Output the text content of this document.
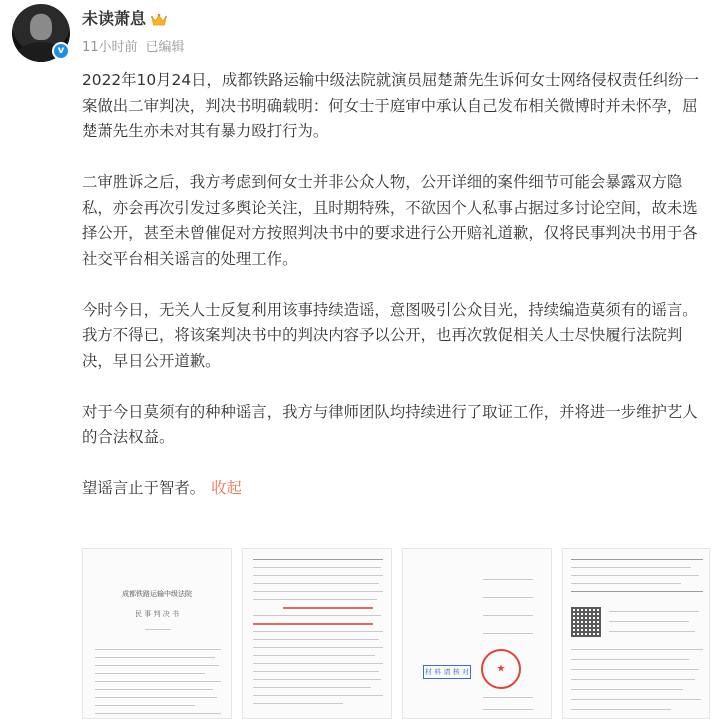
v
未读萧息
11小时前 已编辑

2022年10月24日，成都铁路运输中级法院就演员屈楚萧先生诉何女士网络侵权责任纠纷一案做出二审判决，判决书明确载明：何女士于庭审中承认自己发布相关微博时并未怀孕，屈楚萧先生亦未对其有暴力殴打行为。

二审胜诉之后，我方考虑到何女士并非公众人物，公开详细的案件细节可能会暴露双方隐私，亦会再次引发过多舆论关注，且时期特殊，不欲因个人私事占据过多讨论空间，故未选择公开，甚至未曾催促对方按照判决书中的要求进行公开赔礼道歉，仅将民事判决书用于各社交平台相关谣言的处理工作。

今时今日，无关人士反复利用该事持续造谣，意图吸引公众目光，持续编造莫须有的谣言。我方不得已，将该案判决书中的判决内容予以公开，也再次敦促相关人士尽快履行法院判决，早日公开道歉。

对于今日莫须有的种种谣言，我方与律师团队均持续进行了取证工作，并将进一步维护艺人的合法权益。

望谣言止于智者。 收起

成都铁路运输中级法院
民 事 判 决 书
★
材 料 请 核 对
